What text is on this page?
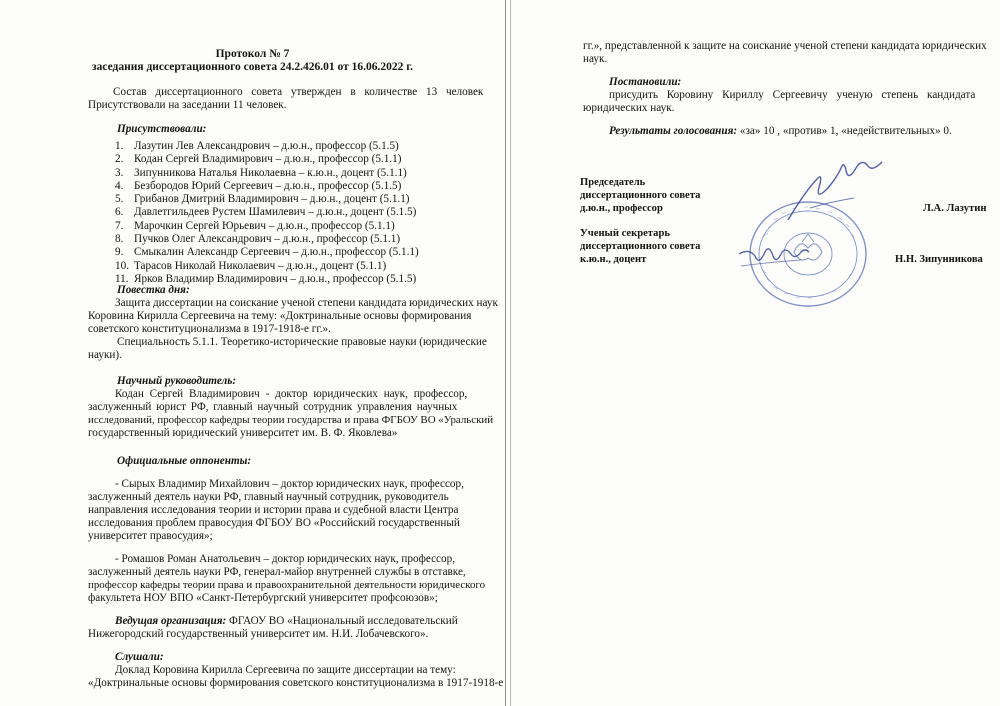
Протокол № 7
заседания диссертационного совета 24.2.426.01 от 16.06.2022 г.
Состав диссертационного совета утвержден в количестве 13 человек
Присутствовали на заседании 11 человек.
Присутствовали:
1. Лазутин Лев Александрович – д.ю.н., профессор (5.1.5)
2. Кодан Сергей Владимирович – д.ю.н., профессор (5.1.1)
3. Зипунникова Наталья Николаевна – к.ю.н., доцент (5.1.1)
4. Безбородов Юрий Сергеевич – д.ю.н., профессор (5.1.5)
5. Грибанов Дмитрий Владимирович – д.ю.н., доцент (5.1.1)
6. Давлетгильдеев Рустем Шамилевич – д.ю.н., доцент (5.1.5)
7. Марочкин Сергей Юрьевич – д.ю.н., профессор (5.1.1)
8. Пучков Олег Александрович – д.ю.н., профессор (5.1.1)
9. Смыкалин Александр Сергеевич – д.ю.н., профессор (5.1.1)
10. Тарасов Николай Николаевич – д.ю.н., доцент (5.1.1)
11. Ярков Владимир Владимирович – д.ю.н., профессор (5.1.5)
Повестка дня:
Защита диссертации на соискание ученой степени кандидата юридических наук
Коровина Кирилла Сергеевича на тему: «Доктринальные основы формирования
советского конституционализма в 1917-1918-е гг.».
Специальность 5.1.1. Теоретико-исторические правовые науки (юридические
науки).
Научный руководитель:
Кодан Сергей Владимирович - доктор юридических наук, профессор,
заслуженный юрист РФ, главный научный сотрудник управления научных
исследований, профессор кафедры теории государства и права ФГБОУ ВО «Уральский
государственный юридический университет им. В. Ф. Яковлева»
Официальные оппоненты:
- Сырых Владимир Михайлович – доктор юридических наук, профессор,
заслуженный деятель науки РФ, главный научный сотрудник, руководитель
направления исследования теории и истории права и судебной власти Центра
исследования проблем правосудия ФГБОУ ВО «Российский государственный
университет правосудия»;
- Ромашов Роман Анатольевич – доктор юридических наук, профессор,
заслуженный деятель науки РФ, генерал-майор внутренней службы в отставке,
профессор кафедры теории права и правоохранительной деятельности юридического
факультета НОУ ВПО «Санкт-Петербургский университет профсоюзов»;
Ведущая организация: ФГАОУ ВО «Национальный исследовательский
Нижегородский государственный университет им. Н.И. Лобачевского».
Слушали:
Доклад Коровина Кирилла Сергеевича по защите диссертации на тему:
«Доктринальные основы формирования советского конституционализма в 1917-1918-е
гг.», представленной к защите на соискание ученой степени кандидата юридических
наук.
Постановили:
присудить Коровину Кириллу Сергеевичу ученую степень кандидата
юридических наук.
Результаты голосования: «за» 10 , «против» 1, «недействительных» 0.
Председатель
диссертационного совета
д.ю.н., профессор	Л.А. Лазутин
Ученый секретарь
диссертационного совета
к.ю.н., доцент	Н.Н. Зипунникова
